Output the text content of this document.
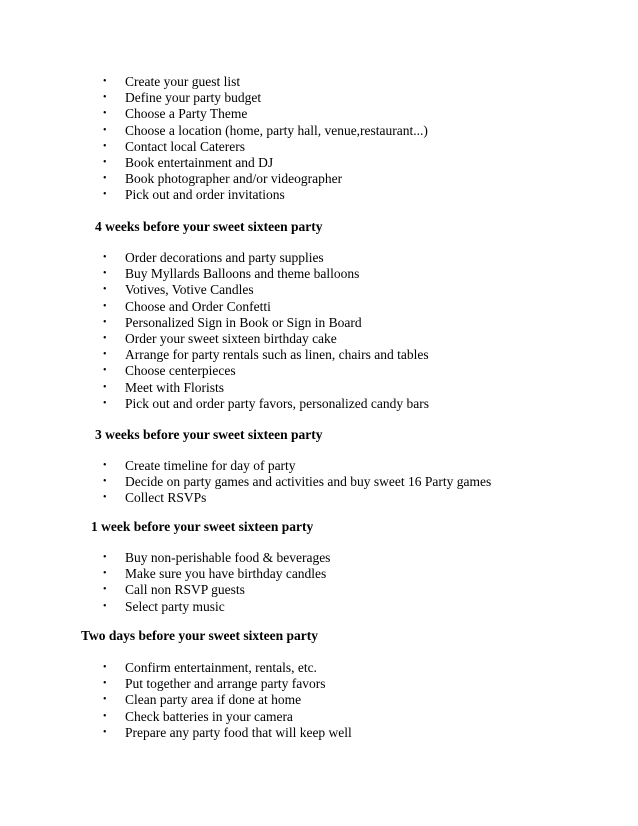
• Create your guest list
• Define your party budget
• Choose a Party Theme
• Choose a location (home, party hall, venue,restaurant...)
• Contact local Caterers
• Book entertainment and DJ
• Book photographer and/or videographer
• Pick out and order invitations
4 weeks before your sweet sixteen party
• Order decorations and party supplies
• Buy Myllards Balloons and theme balloons
• Votives, Votive Candles
• Choose and Order Confetti
• Personalized Sign in Book or Sign in Board
• Order your sweet sixteen birthday cake
• Arrange for party rentals such as linen, chairs and tables
• Choose centerpieces
• Meet with Florists
• Pick out and order party favors, personalized candy bars
3 weeks before your sweet sixteen party
• Create timeline for day of party
• Decide on party games and activities and buy sweet 16 Party games
• Collect RSVPs
1 week before your sweet sixteen party
• Buy non-perishable food & beverages
• Make sure you have birthday candles
• Call non RSVP guests
• Select party music
Two days before your sweet sixteen party
• Confirm entertainment, rentals, etc.
• Put together and arrange party favors
• Clean party area if done at home
• Check batteries in your camera
• Prepare any party food that will keep well
